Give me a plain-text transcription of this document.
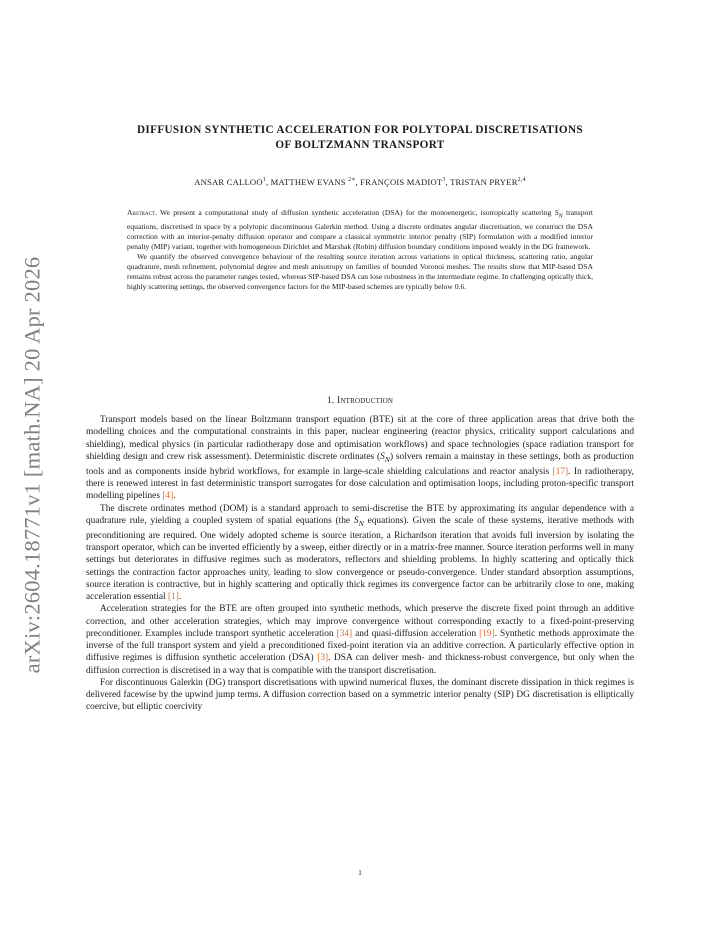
arXiv:2604.18771v1 [math.NA] 20 Apr 2026
DIFFUSION SYNTHETIC ACCELERATION FOR POLYTOPAL DISCRETISATIONS
OF BOLTZMANN TRANSPORT
ANSAR CALLOO$^1$, MATTHEW EVANS $^{2∗}$, FRANÇOIS MADIOT$^3$, TRISTAN PRYER$^{2,4}$

Abstract. We present a computational study of diffusion synthetic acceleration (DSA) for the monoenergetic, isotropically scattering $S_N$ transport equations, discretised in space by a polytopic discontinuous Galerkin method. Using a discrete ordinates angular discretisation, we construct the DSA correction with an interior-penalty diffusion operator and compare a classical symmetric interior penalty (SIP) formulation with a modified interior penalty (MIP) variant, together with homogeneous Dirichlet and Marshak (Robin) diffusion boundary conditions imposed weakly in the DG framework.

We quantify the observed convergence behaviour of the resulting source iteration across variations in optical thickness, scattering ratio, angular quadrature, mesh refinement, polynomial degree and mesh anisotropy on families of bounded Voronoi meshes. The results show that MIP-based DSA remains robust across the parameter ranges tested, whereas SIP-based DSA can lose robustness in the intermediate regime. In challenging optically thick, highly scattering settings, the observed convergence factors for the MIP-based schemes are typically below 0.6.

1. Introduction

Transport models based on the linear Boltzmann transport equation (BTE) sit at the core of three application areas that drive both the modelling choices and the computational constraints in this paper, nuclear engineering (reactor physics, criticality support calculations and shielding), medical physics (in particular radiotherapy dose and optimisation workflows) and space technologies (space radiation transport for shielding design and crew risk assessment). Deterministic discrete ordinates $(S_N)$ solvers remain a mainstay in these settings, both as production tools and as components inside hybrid workflows, for example in large-scale shielding calculations and reactor analysis [17]. In radiotherapy, there is renewed interest in fast deterministic transport surrogates for dose calculation and optimisation loops, including proton-specific transport modelling pipelines [4].

The discrete ordinates method (DOM) is a standard approach to semi-discretise the BTE by approximating its angular dependence with a quadrature rule, yielding a coupled system of spatial equations (the $S_N$ equations). Given the scale of these systems, iterative methods with preconditioning are required. One widely adopted scheme is source iteration, a Richardson iteration that avoids full inversion by isolating the transport operator, which can be inverted efficiently by a sweep, either directly or in a matrix-free manner. Source iteration performs well in many settings but deteriorates in diffusive regimes such as moderators, reflectors and shielding problems. In highly scattering and optically thick settings the contraction factor approaches unity, leading to slow convergence or pseudo-convergence. Under standard absorption assumptions, source iteration is contractive, but in highly scattering and optically thick regimes its convergence factor can be arbitrarily close to one, making acceleration essential [1].

Acceleration strategies for the BTE are often grouped into synthetic methods, which preserve the discrete fixed point through an additive correction, and other acceleration strategies, which may improve convergence without corresponding exactly to a fixed-point-preserving preconditioner. Examples include transport synthetic acceleration [34] and quasi-diffusion acceleration [19]. Synthetic methods approximate the inverse of the full transport system and yield a preconditioned fixed-point iteration via an additive correction. A particularly effective option in diffusive regimes is diffusion synthetic acceleration (DSA) [3]. DSA can deliver mesh- and thickness-robust convergence, but only when the diffusion correction is discretised in a way that is compatible with the transport discretisation.

For discontinuous Galerkin (DG) transport discretisations with upwind numerical fluxes, the dominant discrete dissipation in thick regimes is delivered facewise by the upwind jump terms. A diffusion correction based on a symmetric interior penalty (SIP) DG discretisation is elliptically coercive, but elliptic coercivity

1
